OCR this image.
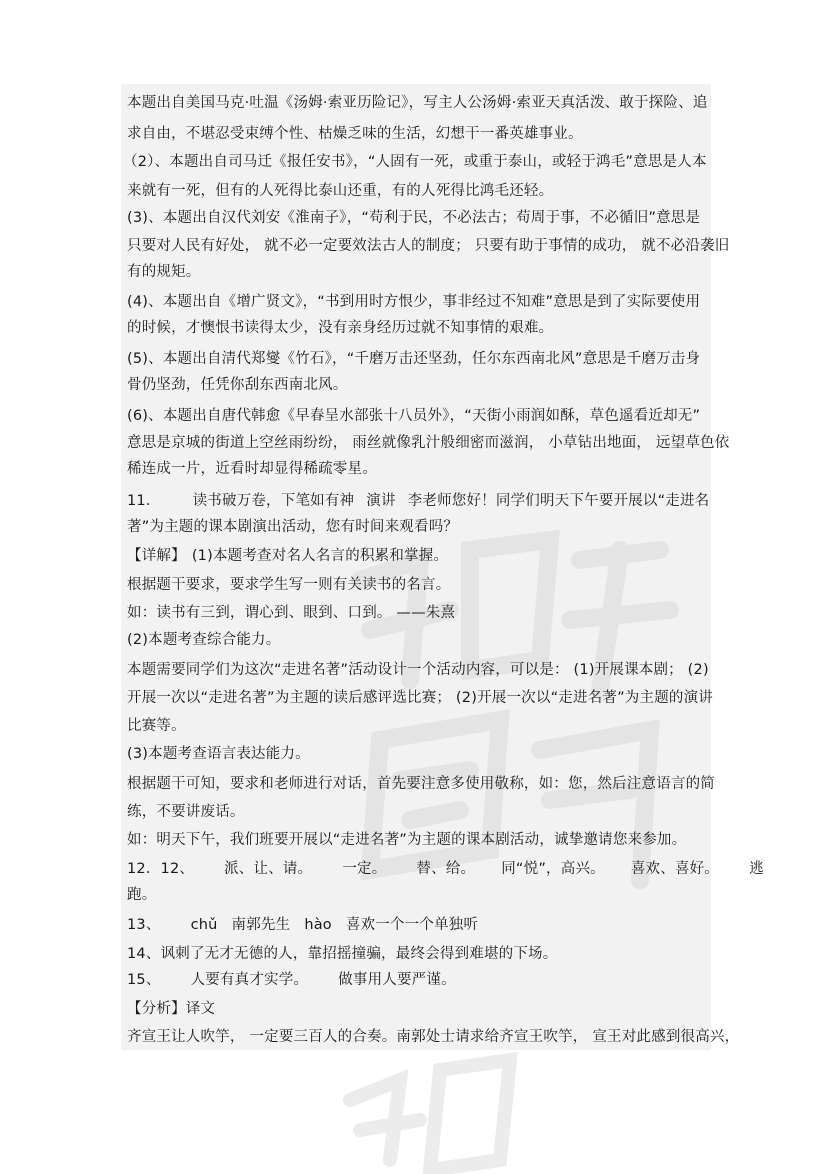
本题出自美国马克·吐温《汤姆·索亚历险记》，写主人公汤姆·索亚天真活泼、敢于探险、追
求自由，不堪忍受束缚个性、枯燥乏味的生活，幻想干一番英雄事业。
（2）、本题出自司马迁《报任安书》，“人固有一死，或重于泰山，或轻于鸿毛”意思是人本
来就有一死，但有的人死得比泰山还重，有的人死得比鸿毛还轻。
(3)、本题出自汉代刘安《淮南子》，“苟利于民，不必法古；苟周于事，不必循旧”意思是
只要对人民有好处， 就不必一定要效法古人的制度； 只要有助于事情的成功， 就不必沿袭旧
有的规矩。
(4)、本题出自《增广贤文》，“书到用时方恨少，事非经过不知难”意思是到了实际要使用
的时候，才懊恨书读得太少，没有亲身经历过就不知事情的艰难。
(5)、本题出自清代郑燮《竹石》，“千磨万击还坚劲，任尔东西南北风”意思是千磨万击身
骨仍坚劲，任凭你刮东西南北风。
(6)、本题出自唐代韩愈《早春呈水部张十八员外》，“天街小雨润如酥，草色遥看近却无”
意思是京城的街道上空丝雨纷纷， 雨丝就像乳汁般细密而滋润， 小草钻出地面， 远望草色依
稀连成一片，近看时却显得稀疏零星。
11． 读书破万卷，下笔如有神 演讲 李老师您好！同学们明天下午要开展以“走进名
著”为主题的课本剧演出活动，您有时间来观看吗？
【详解】 (1)本题考查对名人名言的积累和掌握。
根据题干要求，要求学生写一则有关读书的名言。
如：读书有三到，谓心到、眼到、口到。 ——朱熹
(2)本题考查综合能力。
本题需要同学们为这次“走进名著”活动设计一个活动内容，可以是： (1)开展课本剧； (2)
开展一次以“走进名著”为主题的读后感评选比赛； (2)开展一次以“走进名著”为主题的演讲
比赛等。
(3)本题考查语言表达能力。
根据题干可知，要求和老师进行对话，首先要注意多使用敬称，如：您，然后注意语言的简
练，不要讲废话。
如：明天下午，我们班要开展以“走进名著”为主题的课本剧活动，诚挚邀请您来参加。
12．12、 派、让、请。 一定。 替、给。 同“悦”，高兴。 喜欢、喜好。 逃
跑。
13、 chǔ 南郭先生 hào 喜欢一个一个单独听
14、讽刺了无才无德的人，靠招摇撞骗，最终会得到难堪的下场。
15、 人要有真才实学。 做事用人要严谨。
【分析】译文
齐宣王让人吹竽， 一定要三百人的合奏。南郭处士请求给齐宣王吹竽， 宣王对此感到很高兴，
